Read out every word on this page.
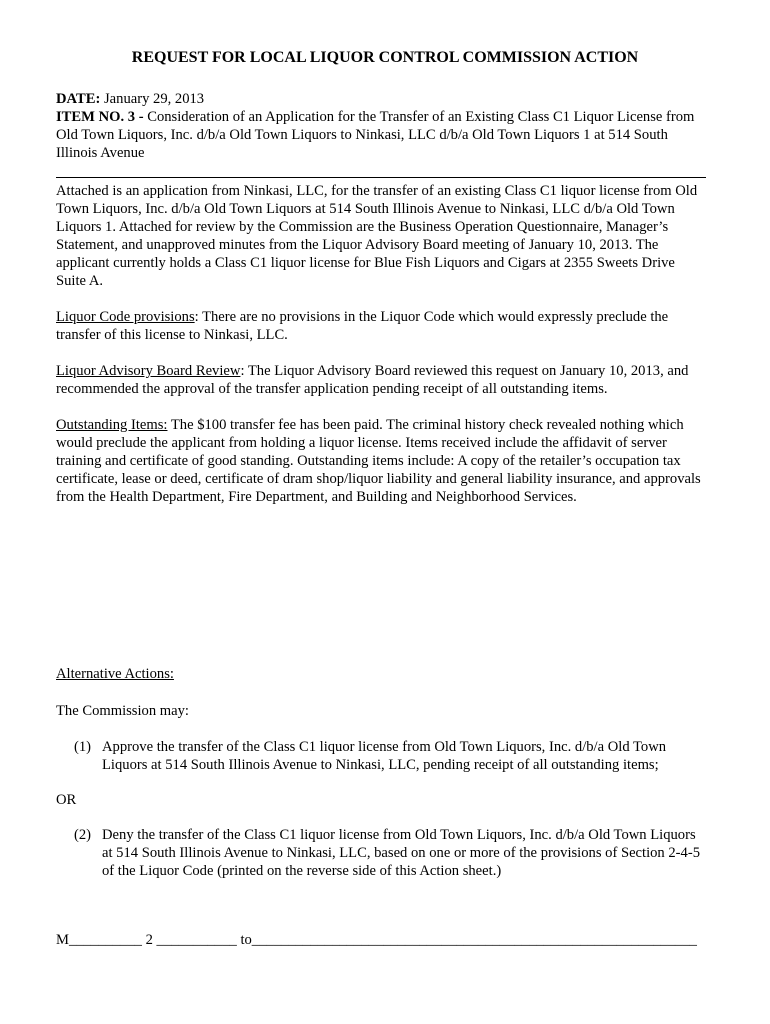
REQUEST FOR LOCAL LIQUOR CONTROL COMMISSION ACTION

DATE: January 29, 2013

ITEM NO. 3 - Consideration of an Application for the Transfer of an Existing Class C1 Liquor License from Old Town Liquors, Inc. d/b/a Old Town Liquors to Ninkasi, LLC d/b/a Old Town Liquors 1 at 514 South Illinois Avenue

Attached is an application from Ninkasi, LLC, for the transfer of an existing Class C1 liquor license from Old Town Liquors, Inc. d/b/a Old Town Liquors at 514 South Illinois Avenue to Ninkasi, LLC d/b/a Old Town Liquors 1. Attached for review by the Commission are the Business Operation Questionnaire, Manager’s Statement, and unapproved minutes from the Liquor Advisory Board meeting of January 10, 2013. The applicant currently holds a Class C1 liquor license for Blue Fish Liquors and Cigars at 2355 Sweets Drive Suite A.

Liquor Code provisions: There are no provisions in the Liquor Code which would expressly preclude the transfer of this license to Ninkasi, LLC.

Liquor Advisory Board Review: The Liquor Advisory Board reviewed this request on January 10, 2013, and recommended the approval of the transfer application pending receipt of all outstanding items.

Outstanding Items: The $100 transfer fee has been paid. The criminal history check revealed nothing which would preclude the applicant from holding a liquor license. Items received include the affidavit of server training and certificate of good standing. Outstanding items include: A copy of the retailer’s occupation tax certificate, lease or deed, certificate of dram shop/liquor liability and general liability insurance, and approvals from the Health Department, Fire Department, and Building and Neighborhood Services.

Alternative Actions:

The Commission may:

(1) Approve the transfer of the Class C1 liquor license from Old Town Liquors, Inc. d/b/a Old Town Liquors at 514 South Illinois Avenue to Ninkasi, LLC, pending receipt of all outstanding items;

OR

(2) Deny the transfer of the Class C1 liquor license from Old Town Liquors, Inc. d/b/a Old Town Liquors at 514 South Illinois Avenue to Ninkasi, LLC, based on one or more of the provisions of Section 2-4-5 of the Liquor Code (printed on the reverse side of this Action sheet.)
M__________ 2 ___________ to_____________________________________________________________
